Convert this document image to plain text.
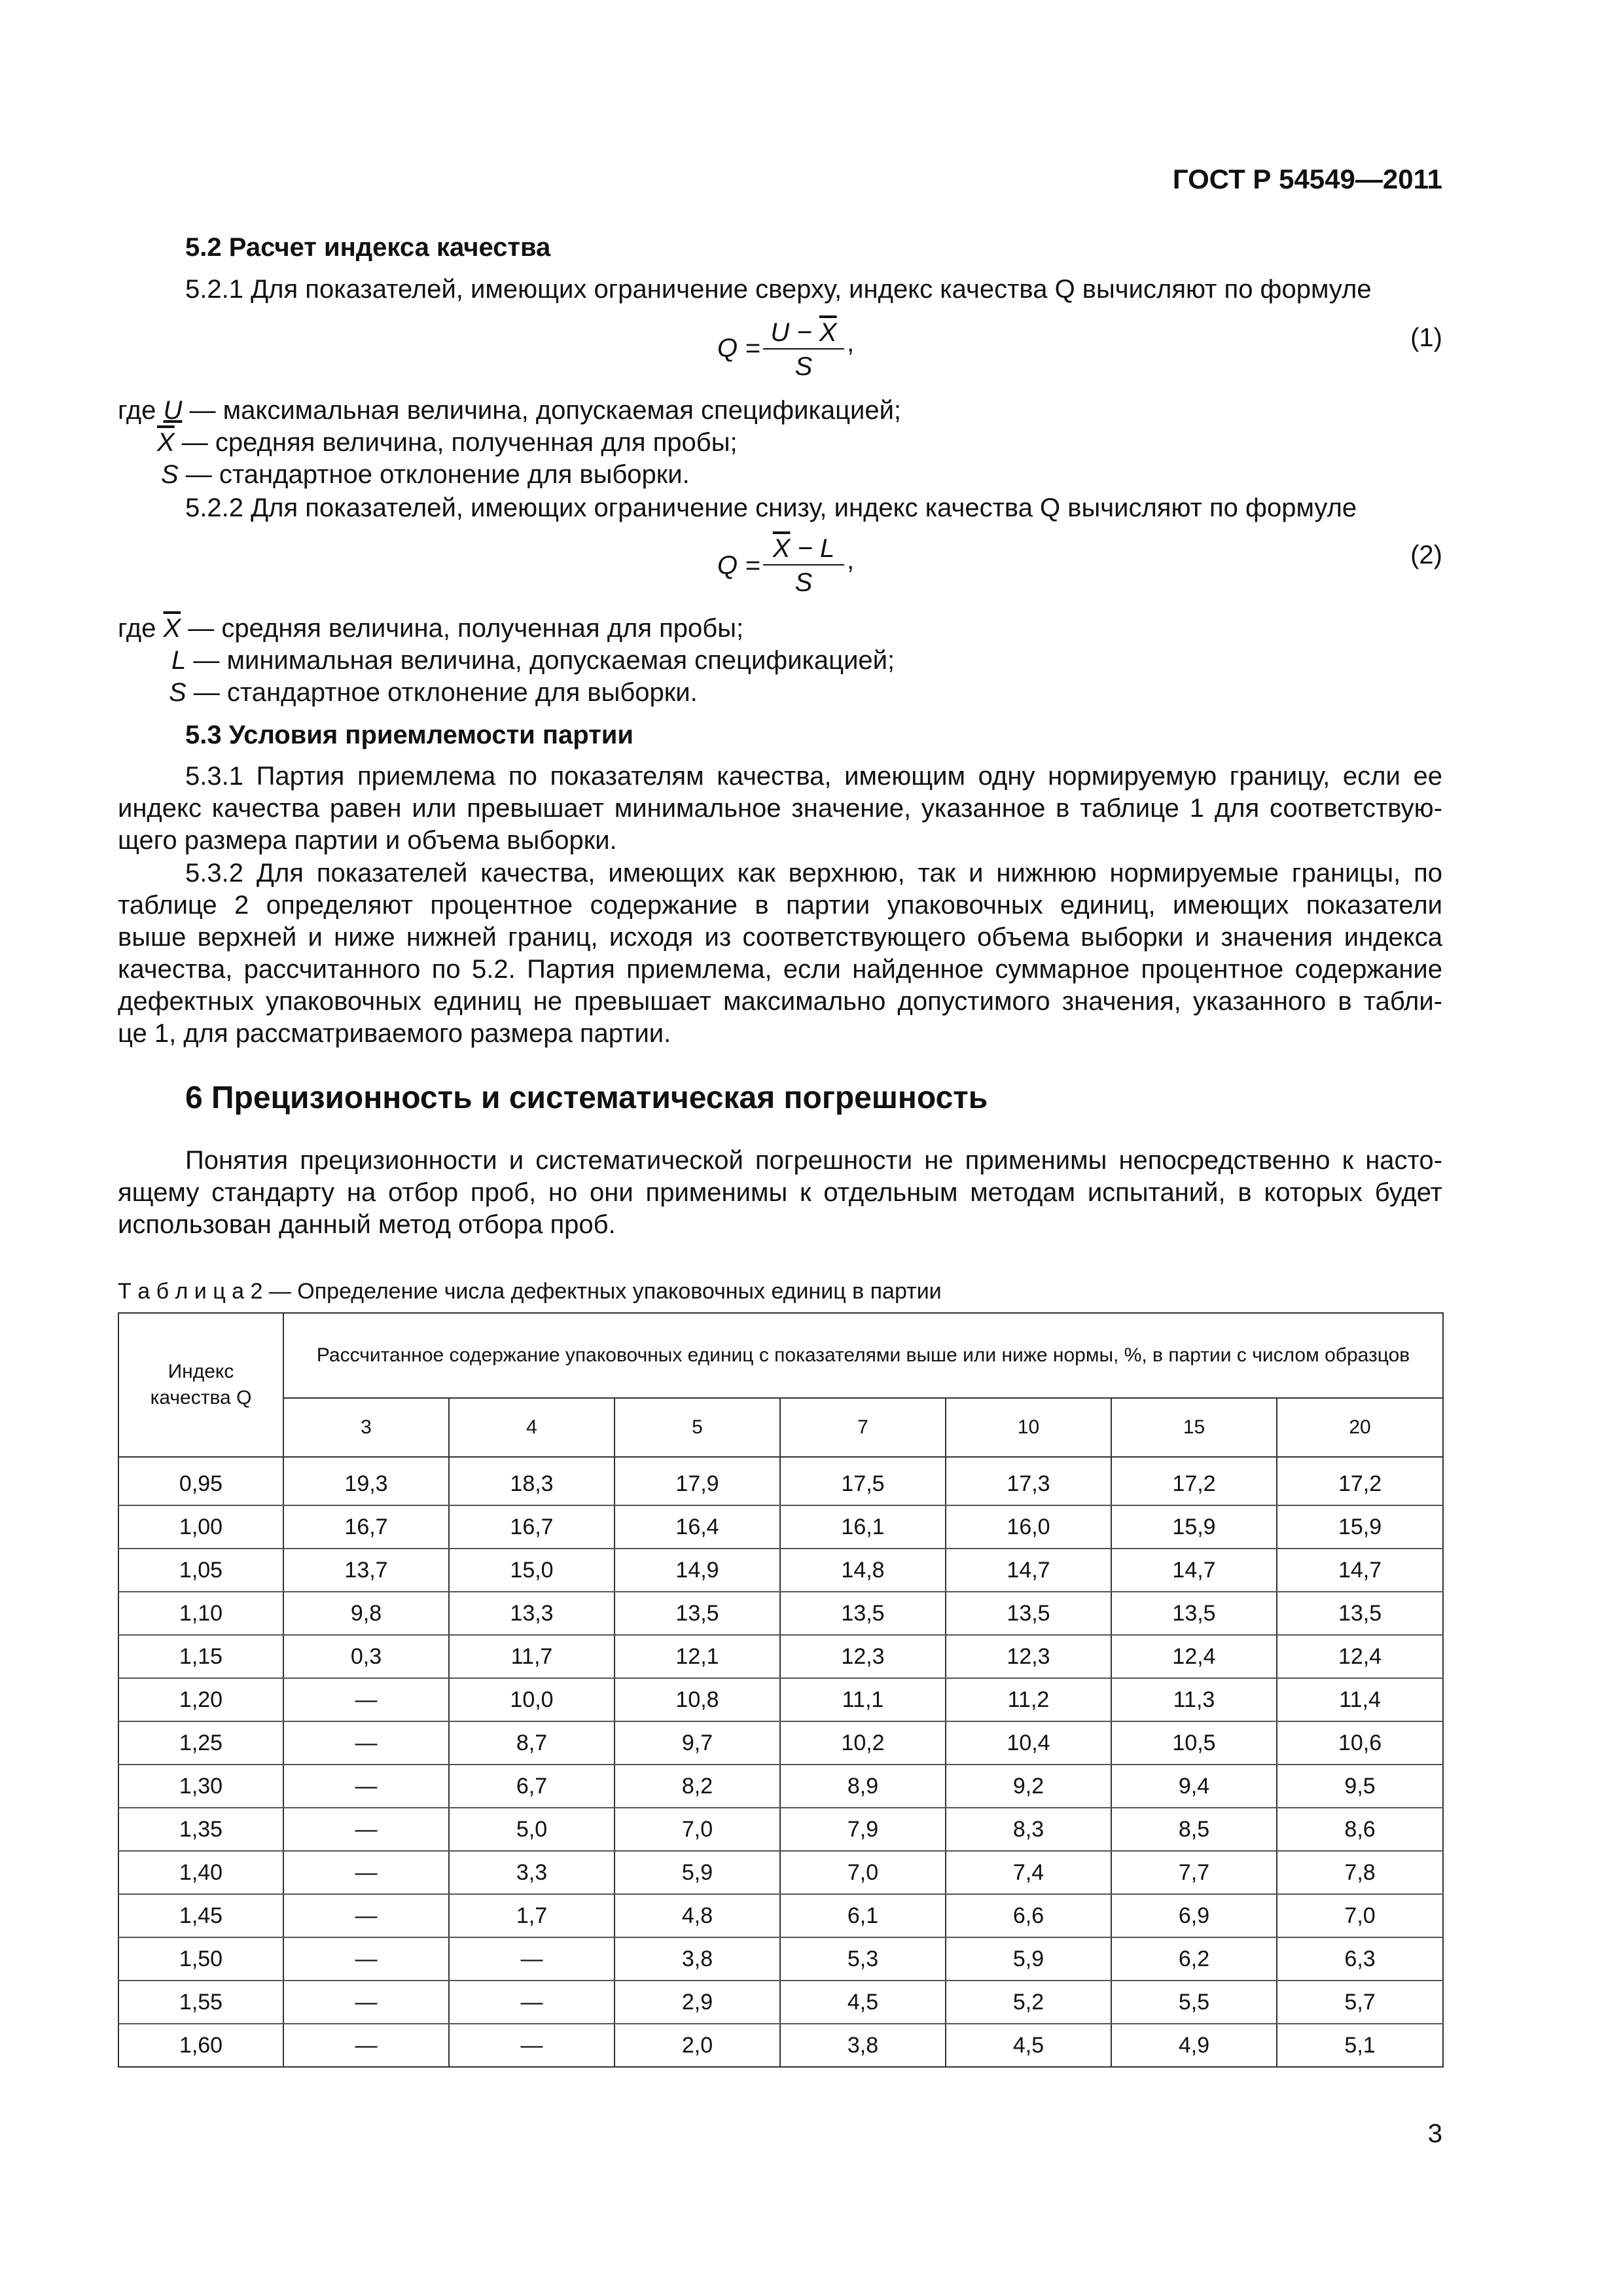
ГОСТ Р 54549—2011
5.2 Расчет индекса качества
5.2.1 Для показателей, имеющих ограничение сверху, индекс качества Q вычисляют по формуле
$Q = \frac{U - \overline{X}}{S}$ ,	(1)
где U — максимальная величина, допускаемая спецификацией;
$\overline{X}$ — средняя величина, полученная для пробы;
S — стандартное отклонение для выборки.
5.2.2 Для показателей, имеющих ограничение снизу, индекс качества Q вычисляют по формуле
$Q = \frac{\overline{X} - L}{S}$ ,	(2)
где $\overline{X}$ — средняя величина, полученная для пробы;
L — минимальная величина, допускаемая спецификацией;
S — стандартное отклонение для выборки.
5.3 Условия приемлемости партии
5.3.1 Партия приемлема по показателям качества, имеющим одну нормируемую границу, если ее
индекс качества равен или превышает минимальное значение, указанное в таблице 1 для соответствую-
щего размера партии и объема выборки.
5.3.2 Для показателей качества, имеющих как верхнюю, так и нижнюю нормируемые границы, по
таблице 2 определяют процентное содержание в партии упаковочных единиц, имеющих показатели
выше верхней и ниже нижней границ, исходя из соответствующего объема выборки и значения индекса
качества, рассчитанного по 5.2. Партия приемлема, если найденное суммарное процентное содержание
дефектных упаковочных единиц не превышает максимально допустимого значения, указанного в табли-
це 1, для рассматриваемого размера партии.
6 Прецизионность и систематическая погрешность
Понятия прецизионности и систематической погрешности не применимы непосредственно к насто-
ящему стандарту на отбор проб, но они применимы к отдельным методам испытаний, в которых будет
использован данный метод отбора проб.
Т а б л и ц а 2 — Определение числа дефектных упаковочных единиц в партии
Индекс качества Q	Рассчитанное содержание упаковочных единиц с показателями выше или ниже нормы, %, в партии с числом образцов						
	3	4	5	7	10	15	20

0,95	19,3	18,3	17,9	17,5	17,3	17,2	17,2
1,00	16,7	16,7	16,4	16,1	16,0	15,9	15,9
1,05	13,7	15,0	14,9	14,8	14,7	14,7	14,7
1,10	9,8	13,3	13,5	13,5	13,5	13,5	13,5
1,15	0,3	11,7	12,1	12,3	12,3	12,4	12,4
1,20	—	10,0	10,8	11,1	11,2	11,3	11,4
1,25	—	8,7	9,7	10,2	10,4	10,5	10,6
1,30	—	6,7	8,2	8,9	9,2	9,4	9,5
1,35	—	5,0	7,0	7,9	8,3	8,5	8,6
1,40	—	3,3	5,9	7,0	7,4	7,7	7,8
1,45	—	1,7	4,8	6,1	6,6	6,9	7,0
1,50	—	—	3,8	5,3	5,9	6,2	6,3
1,55	—	—	2,9	4,5	5,2	5,5	5,7
1,60	—	—	2,0	3,8	4,5	4,9	5,1
3
